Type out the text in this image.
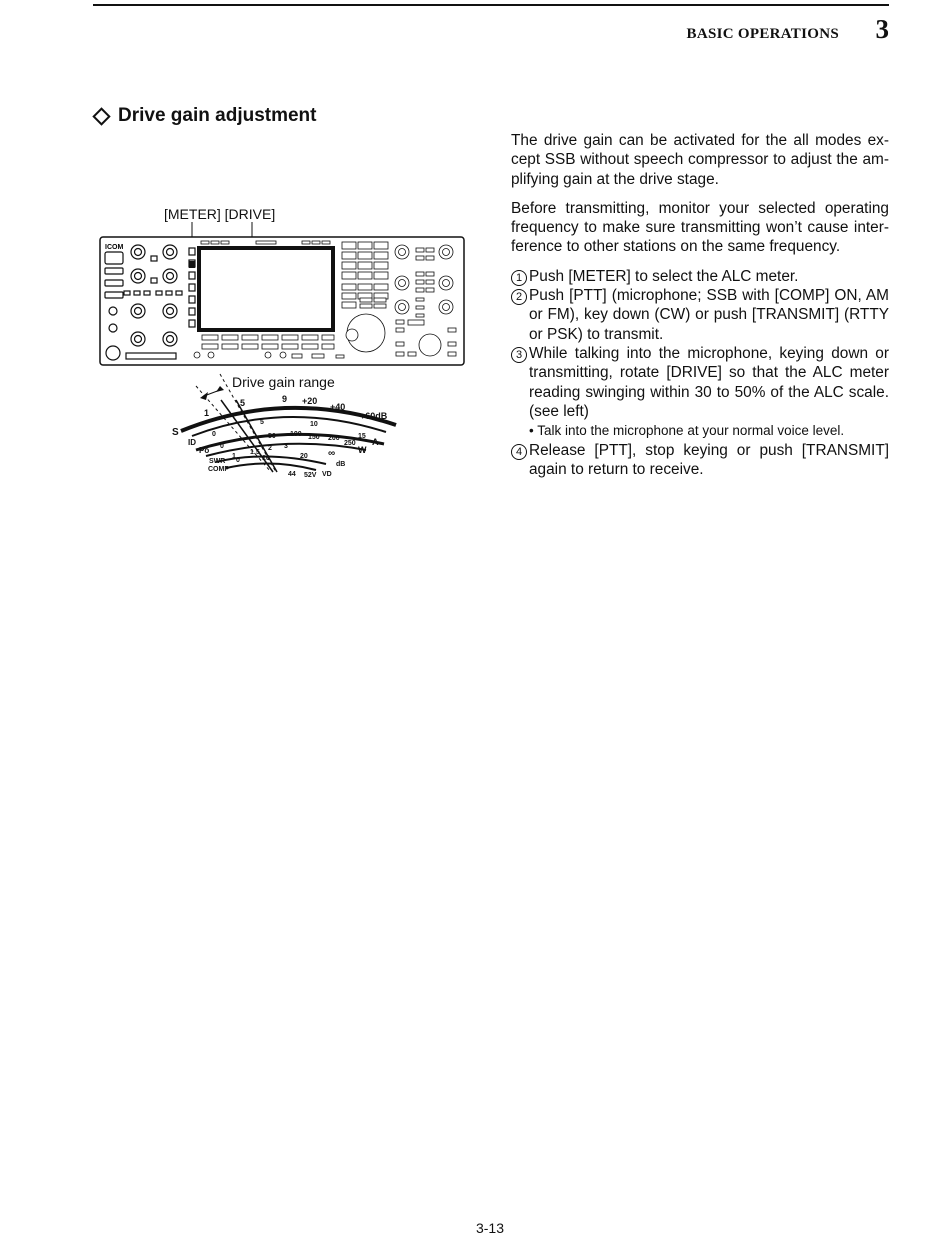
BASIC OPERATIONS 3
Drive gain adjustment
[METER] [DRIVE]
ICOM
S
1
5	9 +20
+40
+60dB
ID
0
5	10
15
A
Po 0
50 100 150 200
250
W
SWR
1
1.5
2 3
∞
COMP
0	10	20
dB
44 52V VD
Drive gain range

The drive gain can be activated for the all modes ex-cept SSB without speech compressor to adjust the am-plifying gain at the drive stage.

Before transmitting, monitor your selected operating frequency to make sure transmitting won’t cause inter-ference to other stations on the same frequency.

1 Push [METER] to select the ALC meter.
2 Push [PTT] (microphone; SSB with [COMP] ON, AM or FM), key down (CW) or push [TRANSMIT] (RTTY or PSK) to transmit.
3 While talking into the microphone, keying down or transmitting, rotate [DRIVE] so that the ALC meter reading swinging within 30 to 50% of the ALC scale. (see left)
• Talk into the microphone at your normal voice level.
4 Release [PTT], stop keying or push [TRANSMIT] again to return to receive.
3-13
